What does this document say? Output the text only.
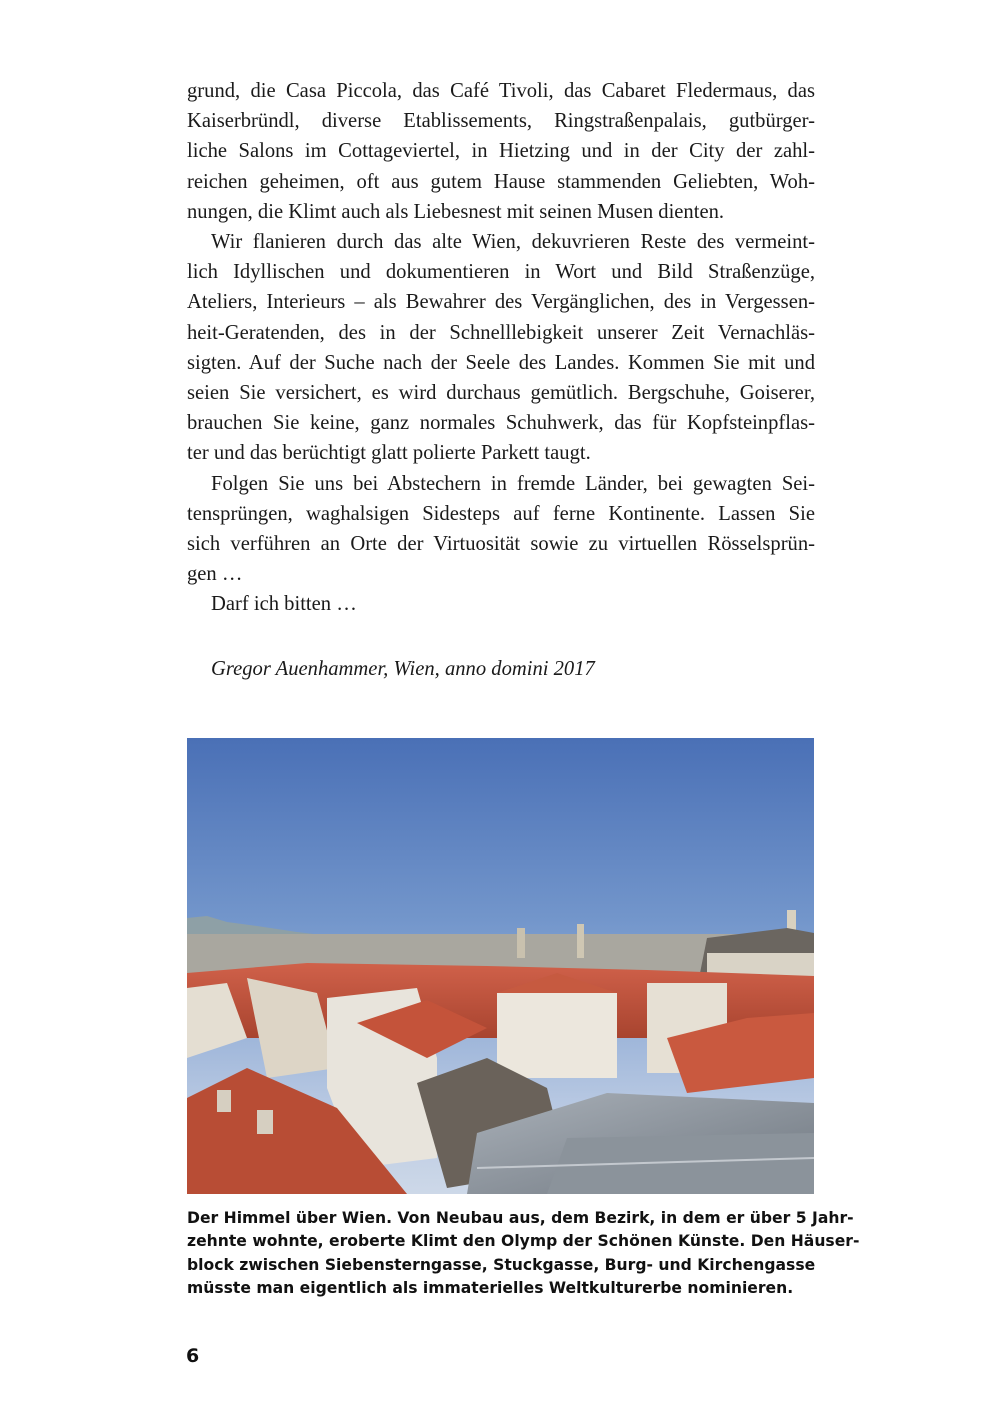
grund, die Casa Piccola, das Café Tivoli, das Cabaret Fledermaus, das
Kaiserbründl, diverse Etablissements, Ringstraßenpalais, gutbürger-
liche Salons im Cottageviertel, in Hietzing und in der City der zahl-
reichen geheimen, oft aus gutem Hause stammenden Geliebten, Woh-
nungen, die Klimt auch als Liebesnest mit seinen Musen dienten.

Wir flanieren durch das alte Wien, dekuvrieren Reste des vermeint-
lich Idyllischen und dokumentieren in Wort und Bild Straßenzüge,
Ateliers, Interieurs – als Bewahrer des Vergänglichen, des in Vergessen-
heit-Geratenden, des in der Schnelllebigkeit unserer Zeit Vernachläs-
sigten. Auf der Suche nach der Seele des Landes. Kommen Sie mit und
seien Sie versichert, es wird durchaus gemütlich. Bergschuhe, Goiserer,
brauchen Sie keine, ganz normales Schuhwerk, das für Kopfsteinpflas-
ter und das berüchtigt glatt polierte Parkett taugt.

Folgen Sie uns bei Abstechern in fremde Länder, bei gewagten Sei-
tensprüngen, waghalsigen Sidesteps auf ferne Kontinente. Lassen Sie
sich verführen an Orte der Virtuosität sowie zu virtuellen Rösselsprün-
gen …

Darf ich bitten …

Gregor Auenhammer, Wien, anno domini 2017
Der Himmel über Wien. Von Neubau aus, dem Bezirk, in dem er über 5 Jahr-
zehnte wohnte, eroberte Klimt den Olymp der Schönen Künste. Den Häuser-
block zwischen Siebensterngasse, Stuckgasse, Burg- und Kirchengasse
müsste man eigentlich als immaterielles Weltkulturerbe nominieren.
6
